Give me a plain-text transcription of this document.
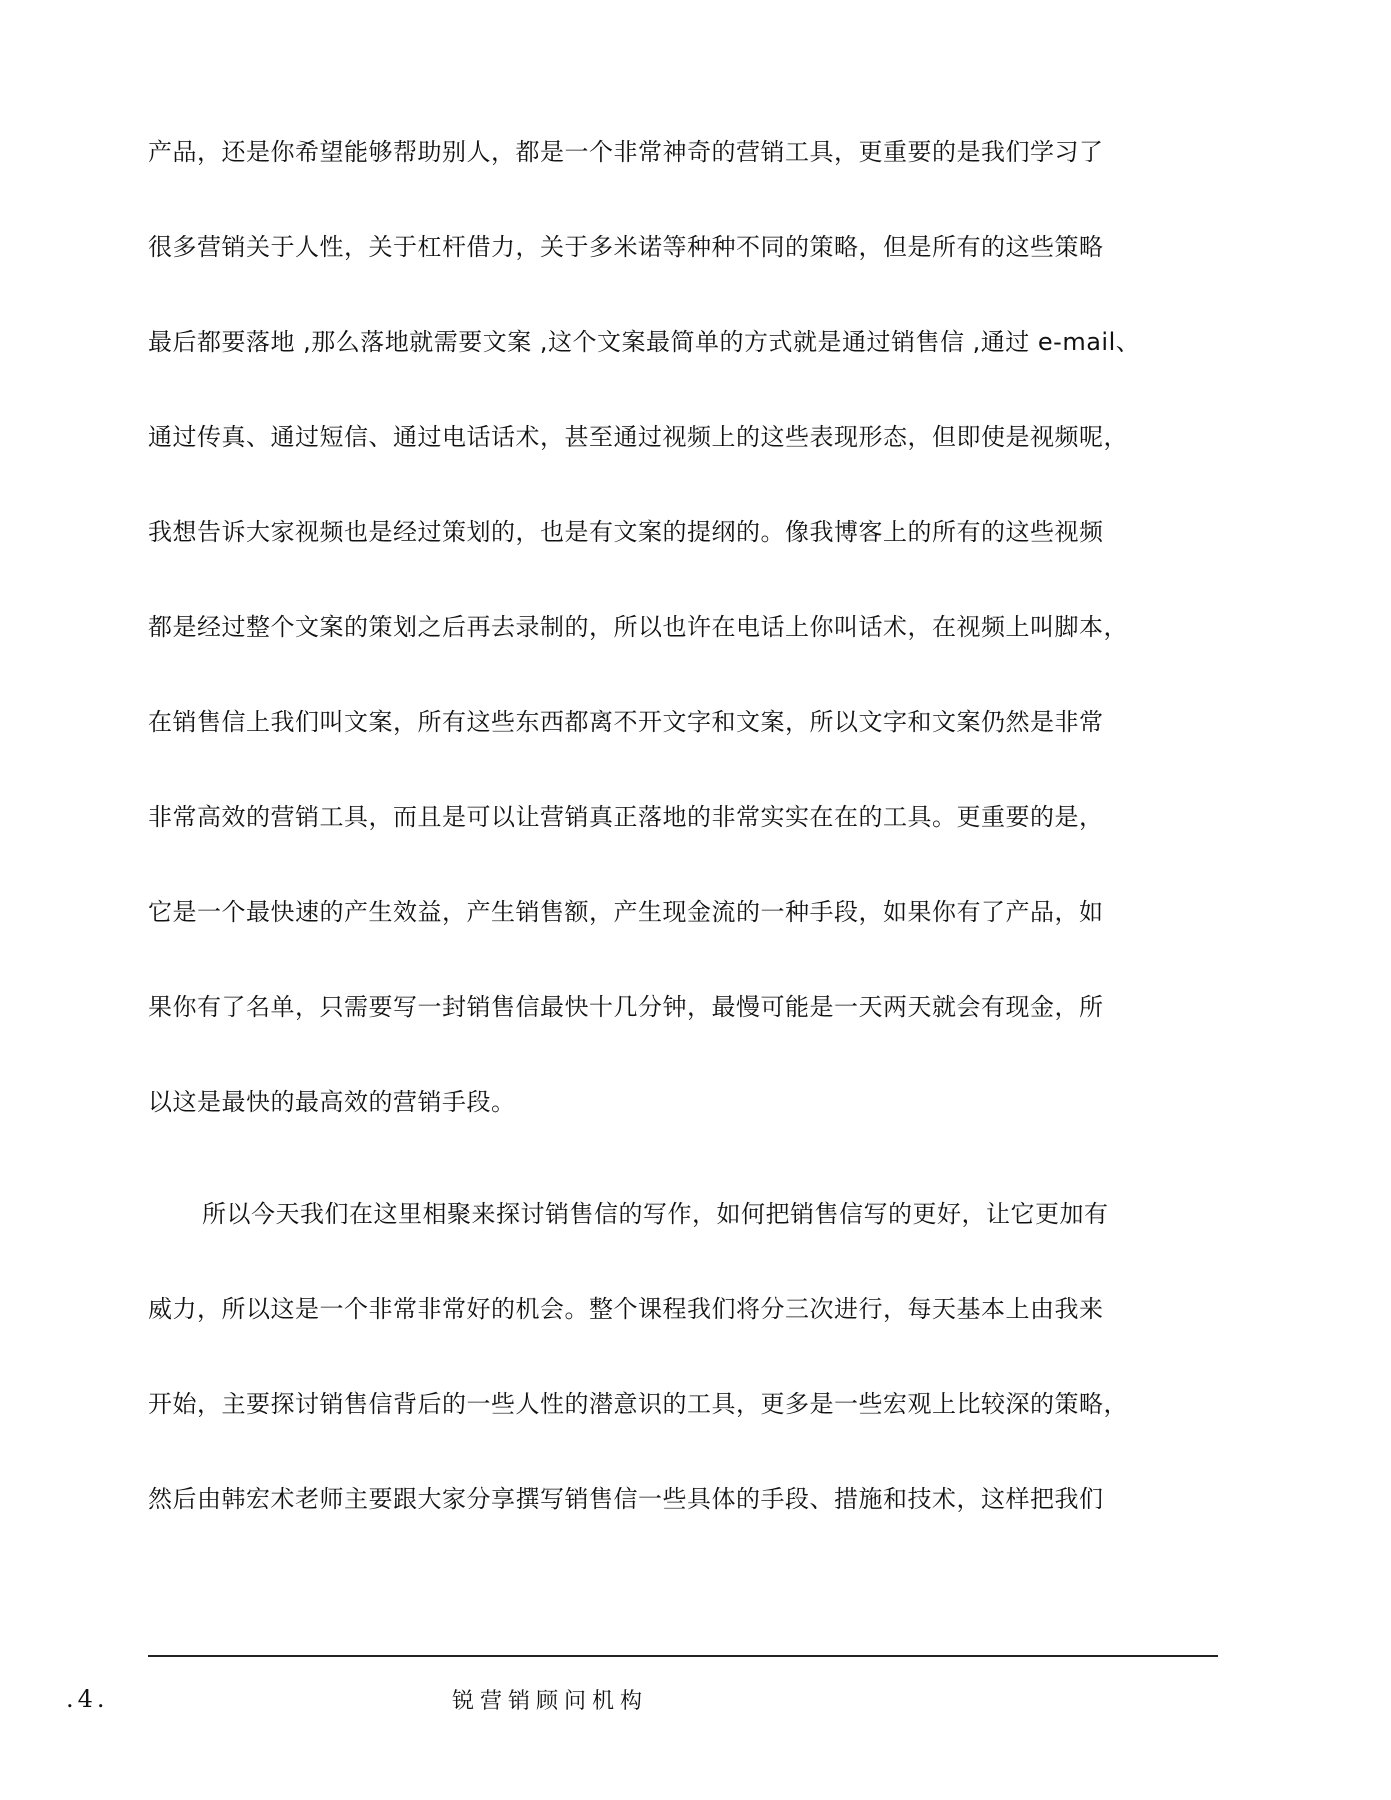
产品，还是你希望能够帮助别人，都是一个非常神奇的营销工具，更重要的是我们学习了
很多营销关于人性，关于杠杆借力，关于多米诺等种种不同的策略，但是所有的这些策略
最后都要落地 ,那么落地就需要文案 ,这个文案最简单的方式就是通过销售信 ,通过 e-mail、
通过传真、通过短信、通过电话话术，甚至通过视频上的这些表现形态，但即使是视频呢，
我想告诉大家视频也是经过策划的，也是有文案的提纲的。像我博客上的所有的这些视频
都是经过整个文案的策划之后再去录制的，所以也许在电话上你叫话术，在视频上叫脚本，
在销售信上我们叫文案，所有这些东西都离不开文字和文案，所以文字和文案仍然是非常
非常高效的营销工具，而且是可以让营销真正落地的非常实实在在的工具。更重要的是，
它是一个最快速的产生效益，产生销售额，产生现金流的一种手段，如果你有了产品，如
果你有了名单，只需要写一封销售信最快十几分钟，最慢可能是一天两天就会有现金，所
以这是最快的最高效的营销手段。
所以今天我们在这里相聚来探讨销售信的写作，如何把销售信写的更好，让它更加有
威力，所以这是一个非常非常好的机会。整个课程我们将分三次进行，每天基本上由我来
开始，主要探讨销售信背后的一些人性的潜意识的工具，更多是一些宏观上比较深的策略，
然后由韩宏术老师主要跟大家分享撰写销售信一些具体的手段、措施和技术，这样把我们
.4.	锐营销顾问机构
